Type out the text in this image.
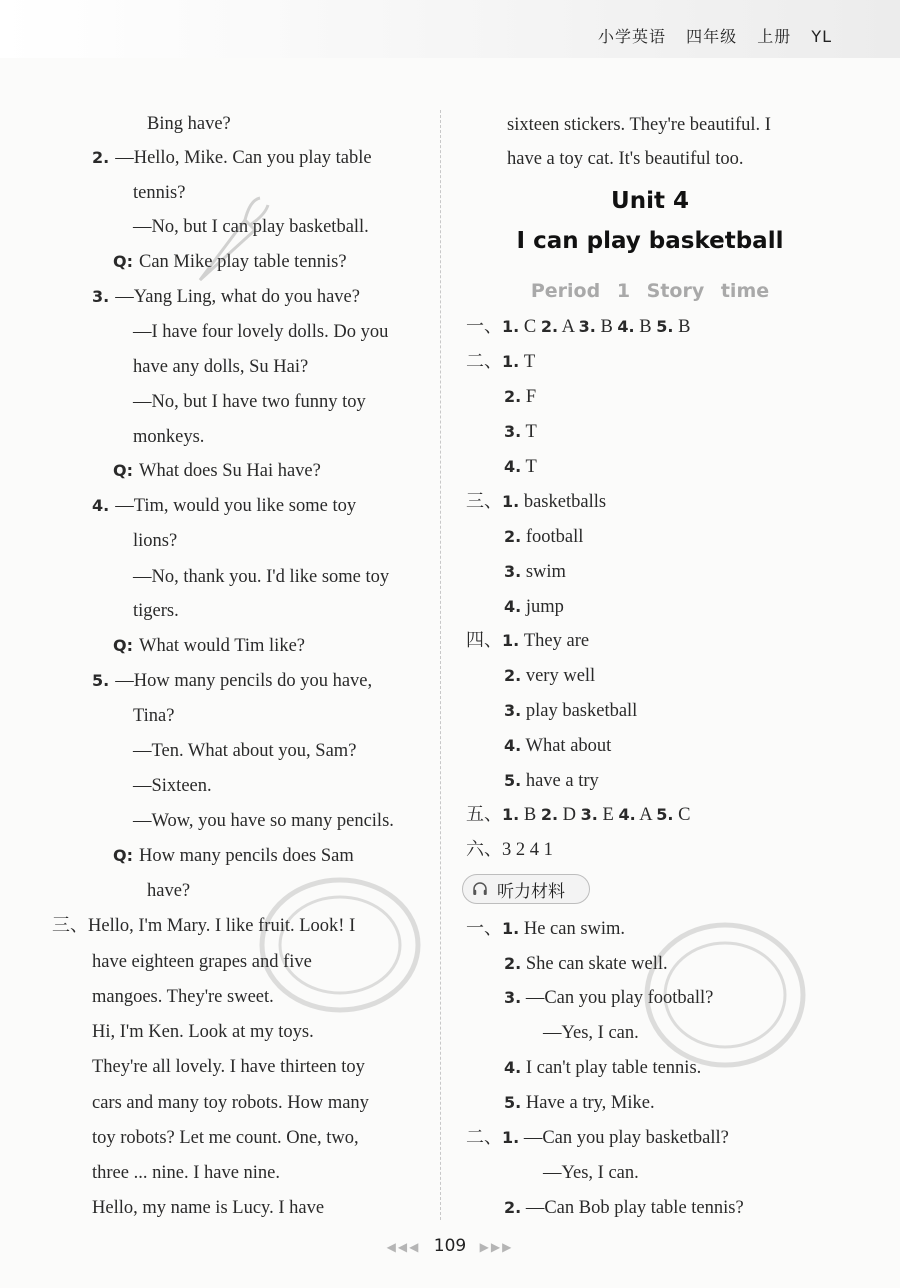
小学英语 四年级 上册 YL
Bing have?
2. —Hello, Mike. Can you play table
tennis?
—No, but I can play basketball.
Q: Can Mike play table tennis?
3. —Yang Ling, what do you have?
—I have four lovely dolls. Do you
have any dolls, Su Hai?
—No, but I have two funny toy
monkeys.
Q: What does Su Hai have?
4. —Tim, would you like some toy
lions?
—No, thank you. I'd like some toy
tigers.
Q: What would Tim like?
5. —How many pencils do you have,
Tina?
—Ten. What about you, Sam?
—Sixteen.
—Wow, you have so many pencils.
Q: How many pencils does Sam
have?
三、Hello, I'm Mary. I like fruit. Look! I
have eighteen grapes and five
mangoes. They're sweet.
Hi, I'm Ken. Look at my toys.
They're all lovely. I have thirteen toy
cars and many toy robots. How many
toy robots? Let me count. One, two,
three ... nine. I have nine.
Hello, my name is Lucy. I have
sixteen stickers. They're beautiful. I
have a toy cat. It's beautiful too.
Unit 4
I can play basketball
Period 1 Story time
一、1. C 2. A 3. B 4. B 5. B
二、1. T
2. F
3. T
4. T
三、1. basketballs
2. football
3. swim
4. jump
四、1. They are
2. very well
3. play basketball
4. What about
5. have a try
五、1. B 2. D 3. E 4. A 5. C
六、3 2 4 1
听力材料
一、1. He can swim.
2. She can skate well.
3. —Can you play football?
—Yes, I can.
4. I can't play table tennis.
5. Have a try, Mike.
二、1. —Can you play basketball?
—Yes, I can.
2. —Can Bob play table tennis?
◀◀◀ 109 ▶▶▶
